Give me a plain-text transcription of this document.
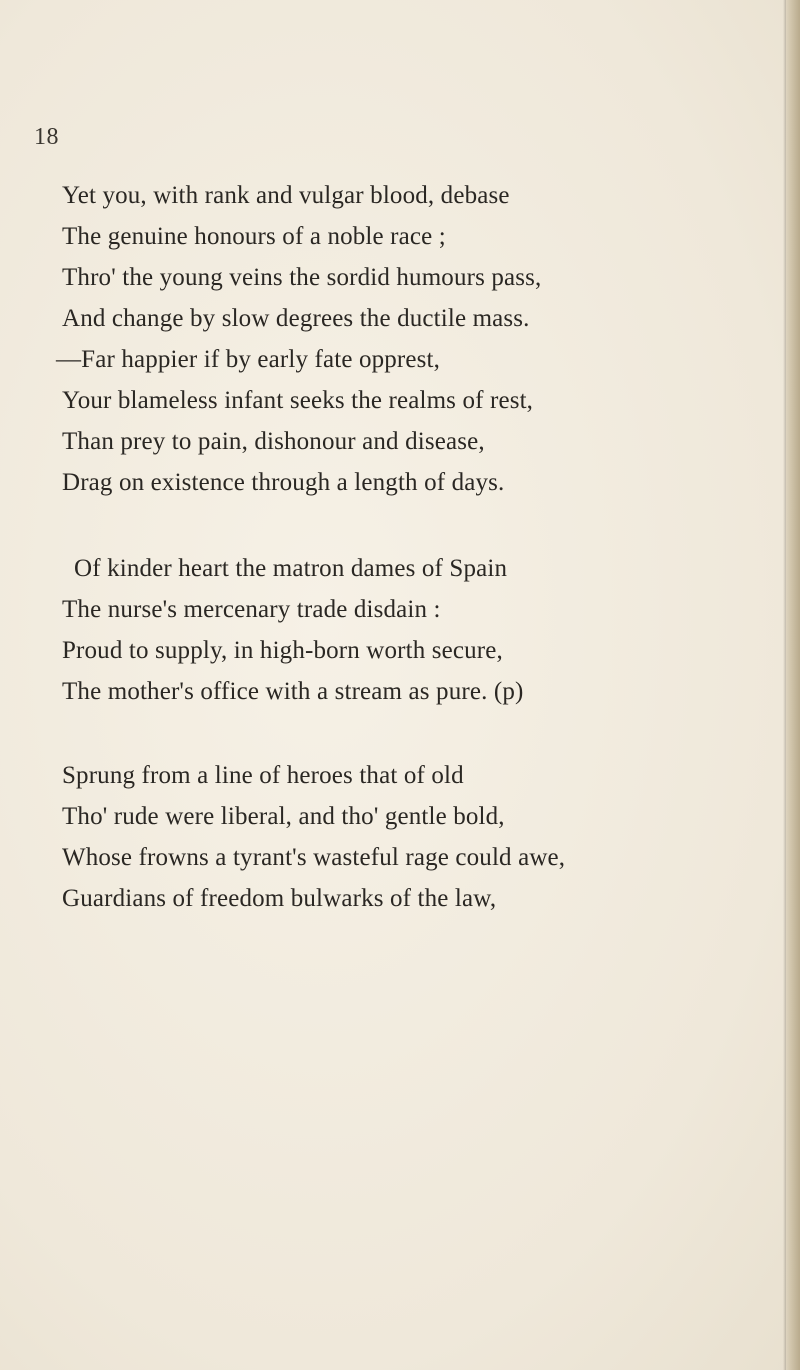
18
Yet you, with rank and vulgar blood, debase
The genuine honours of a noble race ;
Thro' the young veins the sordid humours pass,
And change by slow degrees the ductile mass.
—Far happier if by early fate opprest,
Your blameless infant seeks the realms of rest,
Than prey to pain, dishonour and disease,
Drag on existence through a length of days.
Of kinder heart the matron dames of Spain
The nurse's mercenary trade disdain :
Proud to supply, in high-born worth secure,
The mother's office with a stream as pure. (p)
Sprung from a line of heroes that of old
Tho' rude were liberal, and tho' gentle bold,
Whose frowns a tyrant's wasteful rage could awe,
Guardians of freedom bulwarks of the law,
